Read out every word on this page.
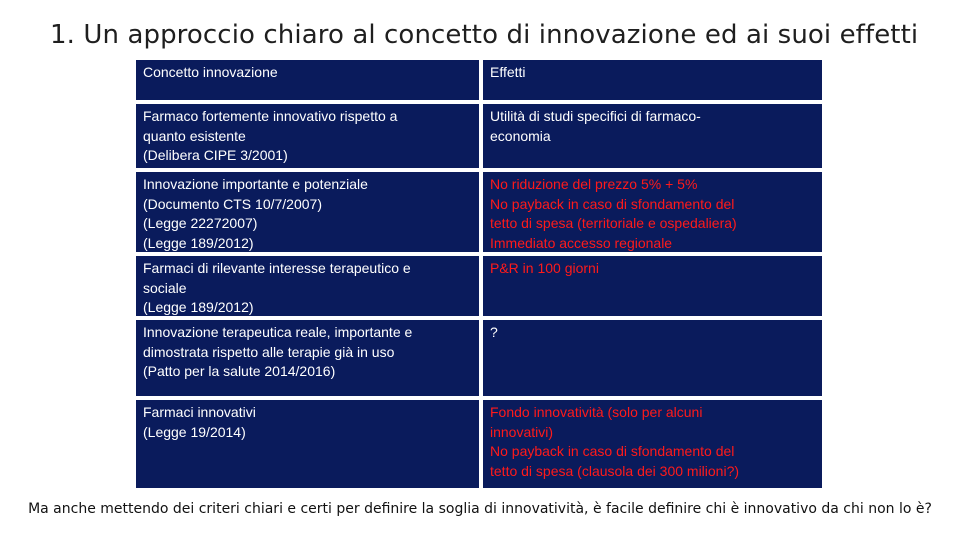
1. Un approccio chiaro al concetto di innovazione ed ai suoi effetti
Concetto innovazione	Effetti
Farmaco fortemente innovativo rispetto a
quanto esistente
(Delibera CIPE 3/2001)
Utilità di studi specifici di farmaco-
economia
Innovazione importante e potenziale
(Documento CTS 10/7/2007)
(Legge 22272007)
(Legge 189/2012)
No riduzione del prezzo 5% + 5%
No payback in caso di sfondamento del
tetto di spesa (territoriale e ospedaliera)
Immediato accesso regionale
Farmaci di rilevante interesse terapeutico e
sociale
(Legge 189/2012)
P&R in 100 giorni
Innovazione terapeutica reale, importante e
dimostrata rispetto alle terapie già in uso
(Patto per la salute 2014/2016)
?
Farmaci innovativi
(Legge 19/2014)
Fondo innovatività (solo per alcuni
innovativi)
No payback in caso di sfondamento del
tetto di spesa (clausola dei 300 milioni?)
Ma anche mettendo dei criteri chiari e certi per definire la soglia di innovatività, è facile definire chi è innovativo da chi non lo è?
